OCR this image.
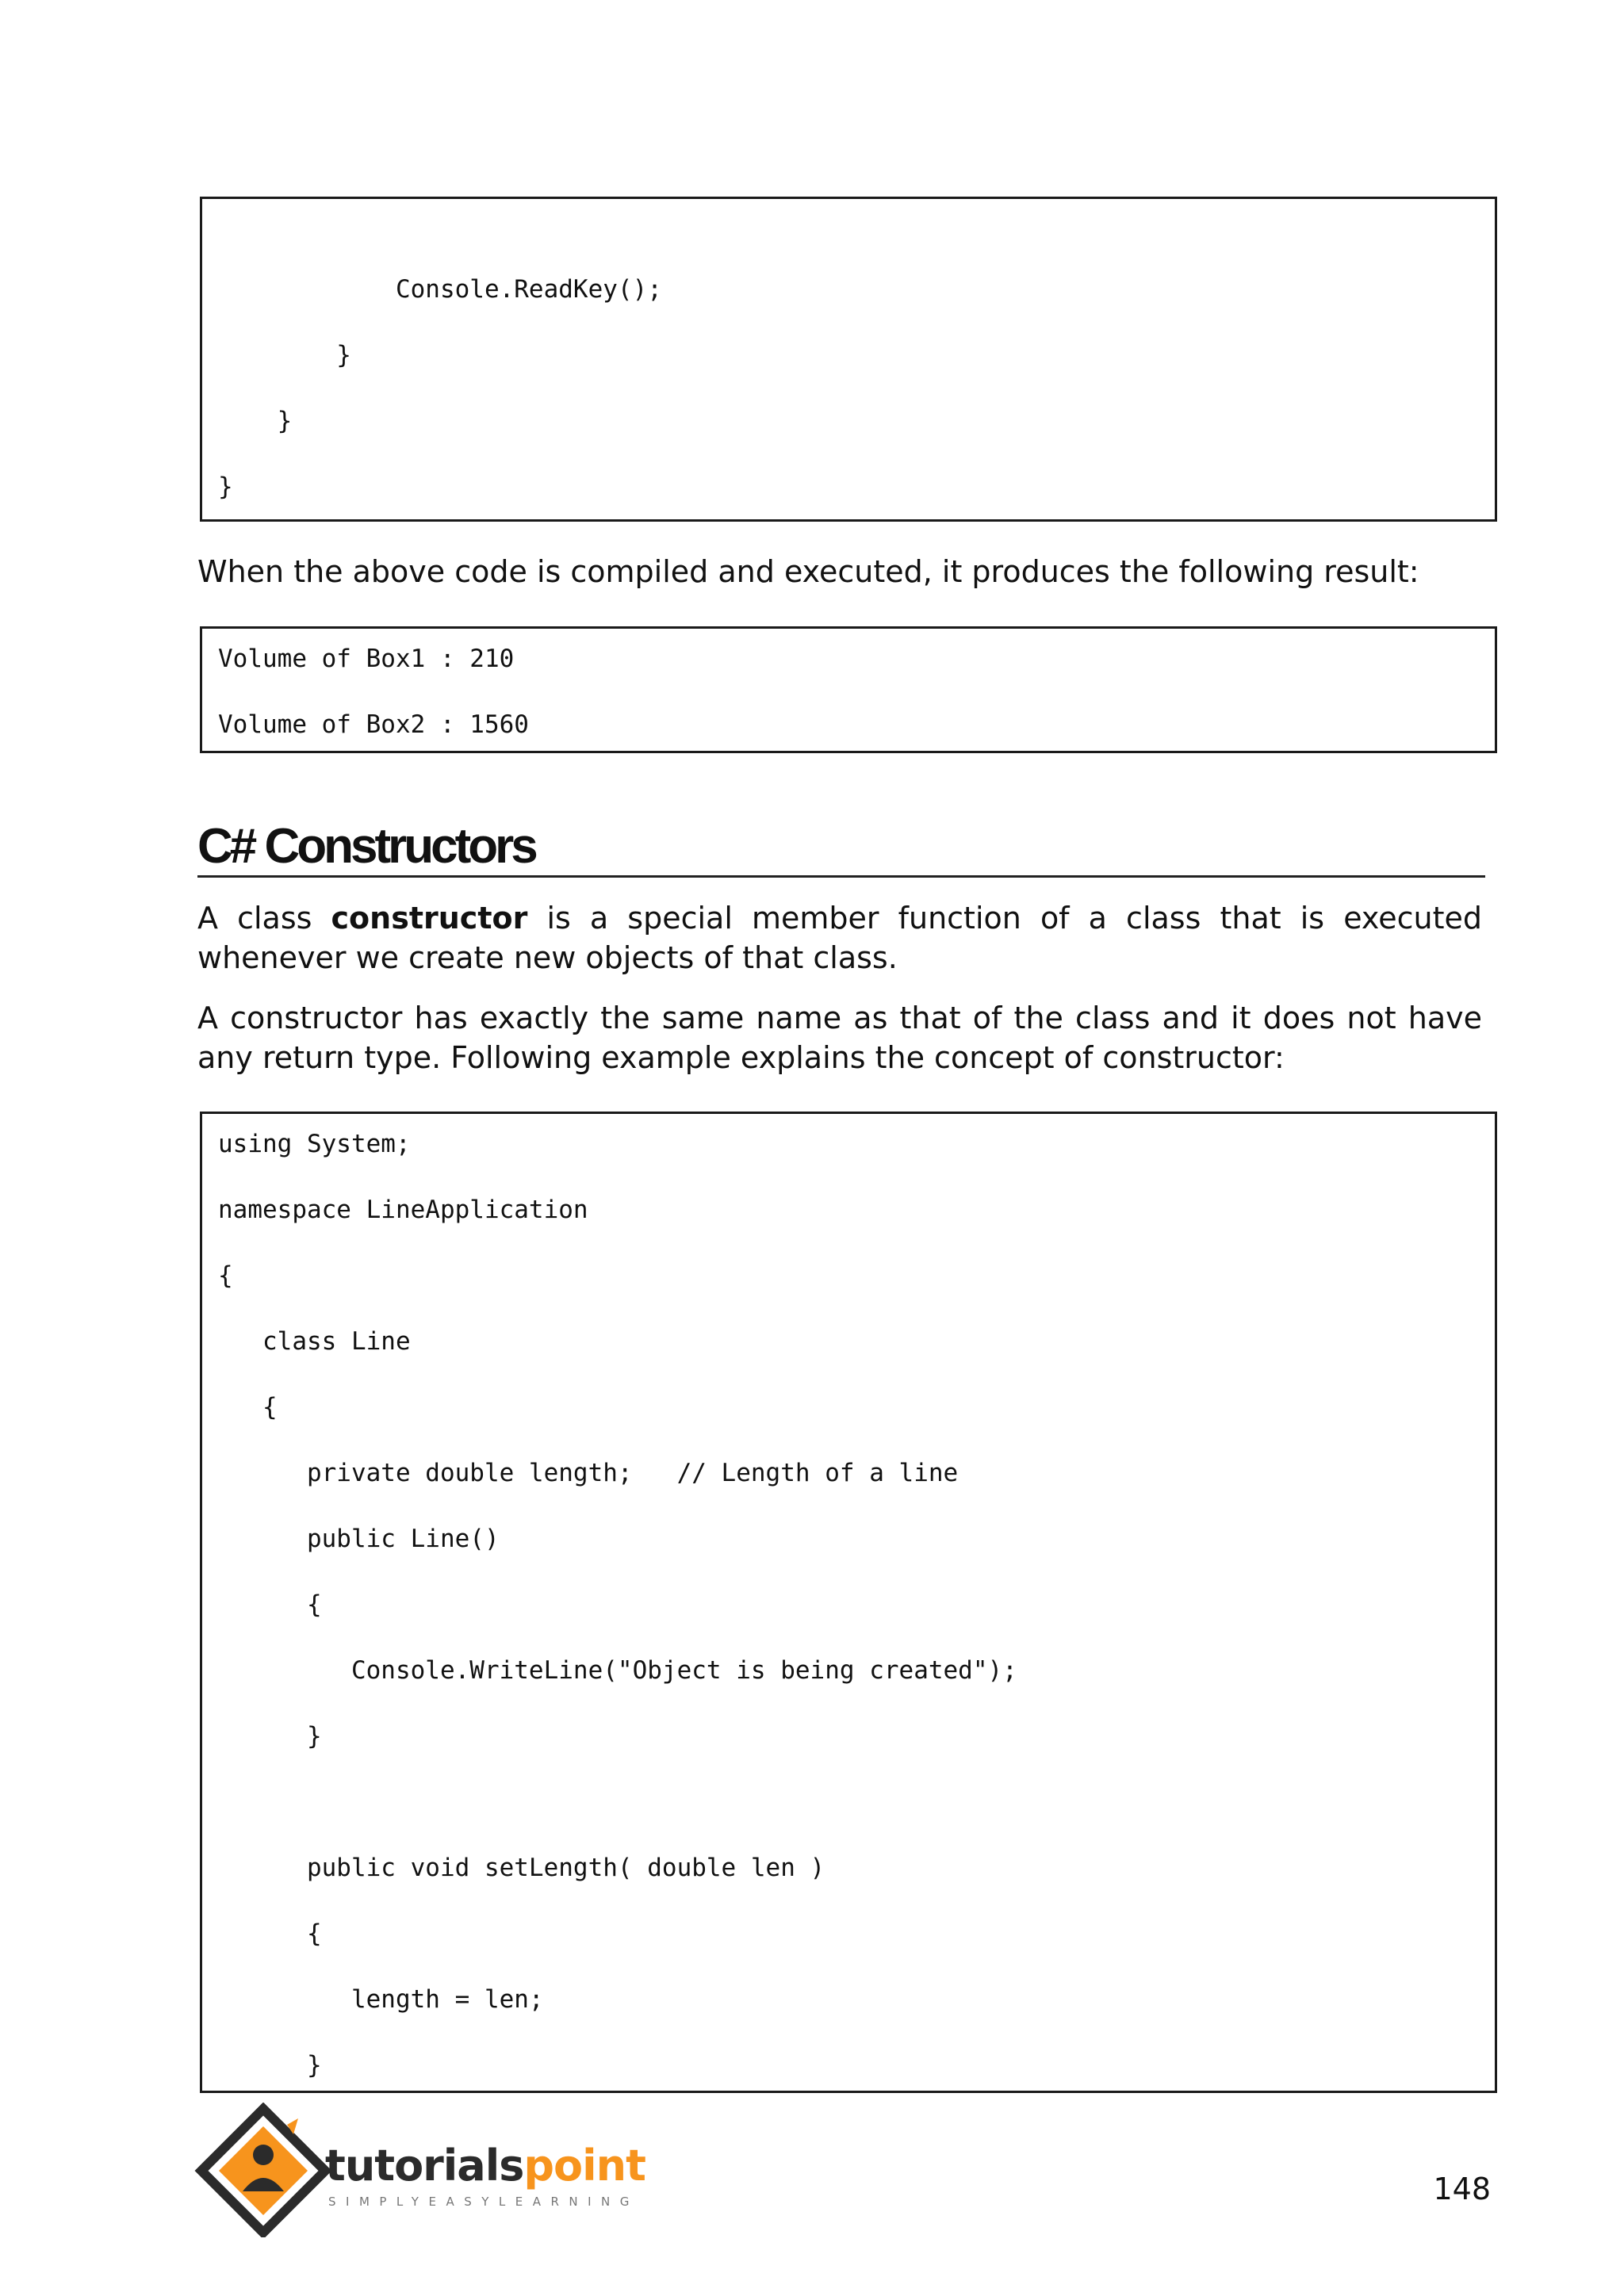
Console.ReadKey();
}
}
}
When the above code is compiled and executed, it produces the following result:
Volume of Box1 : 210
Volume of Box2 : 1560
C# Constructors
A class constructor is a special member function of a class that is executed whenever we create new objects of that class.
A constructor has exactly the same name as that of the class and it does not have any return type. Following example explains the concept of constructor:
using System;
namespace LineApplication
{
class Line
{
private double length;   // Length of a line
public Line()
{
Console.WriteLine("Object is being created");
}
public void setLength( double len )
{
length = len;
}
tutorialspoint
SIMPLYEASYLEARNING	148
